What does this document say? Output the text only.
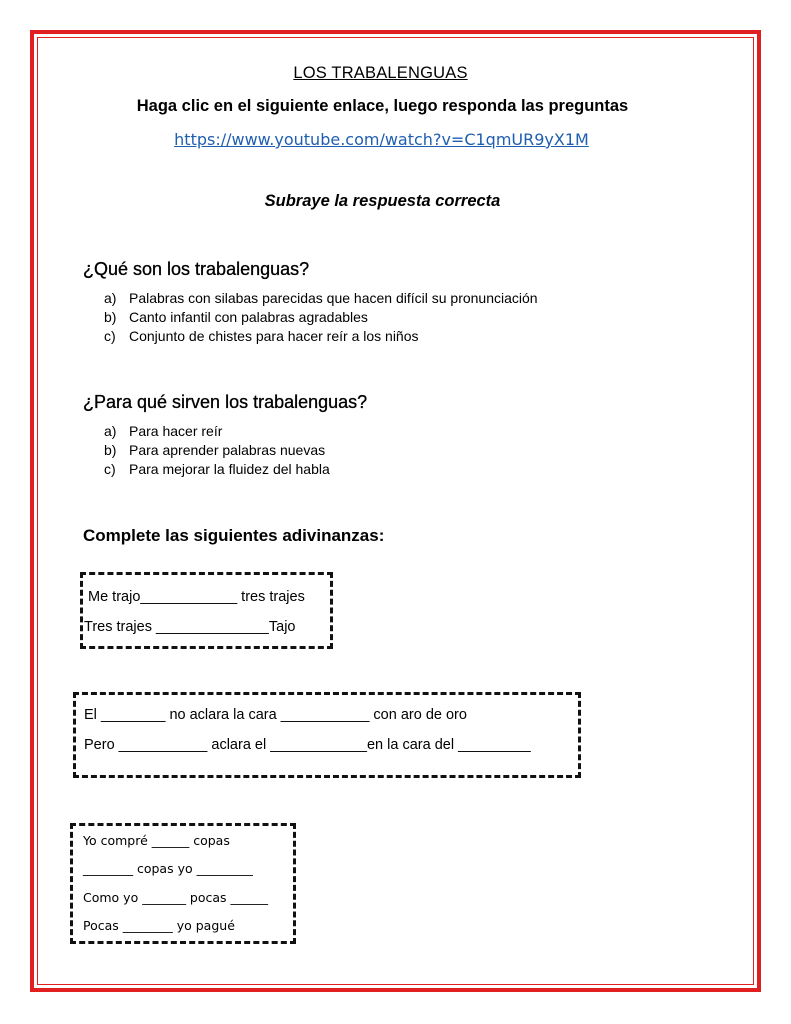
LOS TRABALENGUAS
Haga clic en el siguiente enlace, luego responda las preguntas
https://www.youtube.com/watch?v=C1qmUR9yX1M
Subraye la respuesta correcta
¿Qué son los trabalenguas?
a) Palabras con silabas parecidas que hacen difícil su pronunciación
b) Canto infantil con palabras agradables
c) Conjunto de chistes para hacer reír a los niños
¿Para qué sirven los trabalenguas?
a) Para hacer reír
b) Para aprender palabras nuevas
c) Para mejorar la fluidez del habla
Complete las siguientes adivinanzas:
Me trajo____________ tres trajes
Tres trajes ______________Tajo
El ________ no aclara la cara ___________ con aro de oro
Pero ___________ aclara el ____________en la cara del _________
Yo compré ______ copas
________ copas yo _________
Como yo _______ pocas ______
Pocas ________ yo pagué
